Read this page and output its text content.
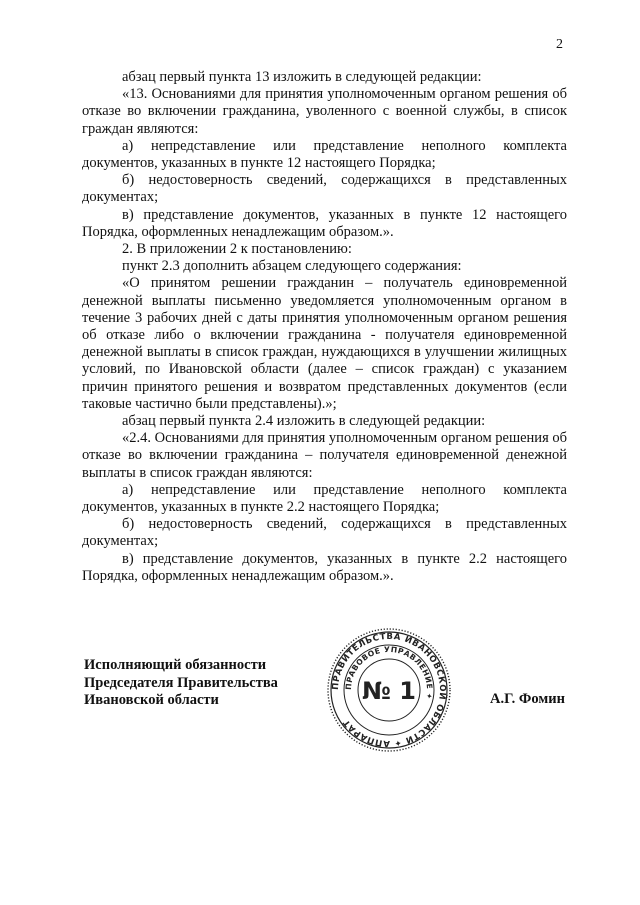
2

абзац первый пункта 13 изложить в следующей редакции:

«13. Основаниями для принятия уполномоченным органом решения об отказе во включении гражданина, уволенного с военной службы, в список граждан являются:

а) непредставление или представление неполного комплекта документов, указанных в пункте 12 настоящего Порядка;

б) недостоверность сведений, содержащихся в представленных документах;

в) представление документов, указанных в пункте 12 настоящего Порядка, оформленных ненадлежащим образом.».

2. В приложении 2 к постановлению:

пункт 2.3 дополнить абзацем следующего содержания:

«О принятом решении гражданин – получатель единовременной денежной выплаты письменно уведомляется уполномоченным органом в течение 3 рабочих дней с даты принятия уполномоченным органом решения об отказе либо о включении гражданина - получателя единовременной денежной выплаты в список граждан, нуждающихся в улучшении жилищных условий, по Ивановской области (далее – список граждан) с указанием причин принятого решения и возвратом представленных документов (если таковые частично были представлены).»;

абзац первый пункта 2.4 изложить в следующей редакции:

«2.4. Основаниями для принятия уполномоченным органом решения об отказе во включении гражданина – получателя единовременной денежной выплаты в список граждан являются:

а) непредставление или представление неполного комплекта документов, указанных в пункте 2.2 настоящего Порядка;

б) недостоверность сведений, содержащихся в представленных документах;

в) представление документов, указанных в пункте 2.2 настоящего Порядка, оформленных ненадлежащим образом.».

Исполняющий обязанности
Председателя Правительства
Ивановской области	А.Г. Фомин
ПРАВИТЕЛЬСТВА ИВАНОВСКОЙ ОБЛАСТИ ✦ АППАРАТ
ПРАВОВОЕ УПРАВЛЕНИЕ ✦
№ 1
